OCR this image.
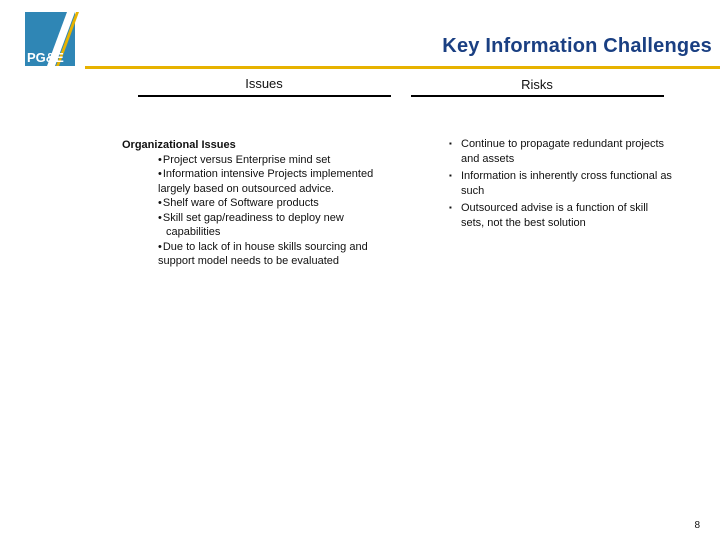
PG&E
Key Information Challenges
Issues	Risks
Organizational Issues
•Project versus Enterprise mind set
•Information intensive Projects implemented largely based on outsourced advice.
•Shelf ware of Software products
•Skill set gap/readiness to deploy new
capabilities
•Due to lack of in house skills sourcing and support model needs to be evaluated
▪ Continue to propagate redundant projects and assets
▪ Information is inherently cross functional as such
▪ Outsourced advise is a function of skill sets, not the best solution
8
